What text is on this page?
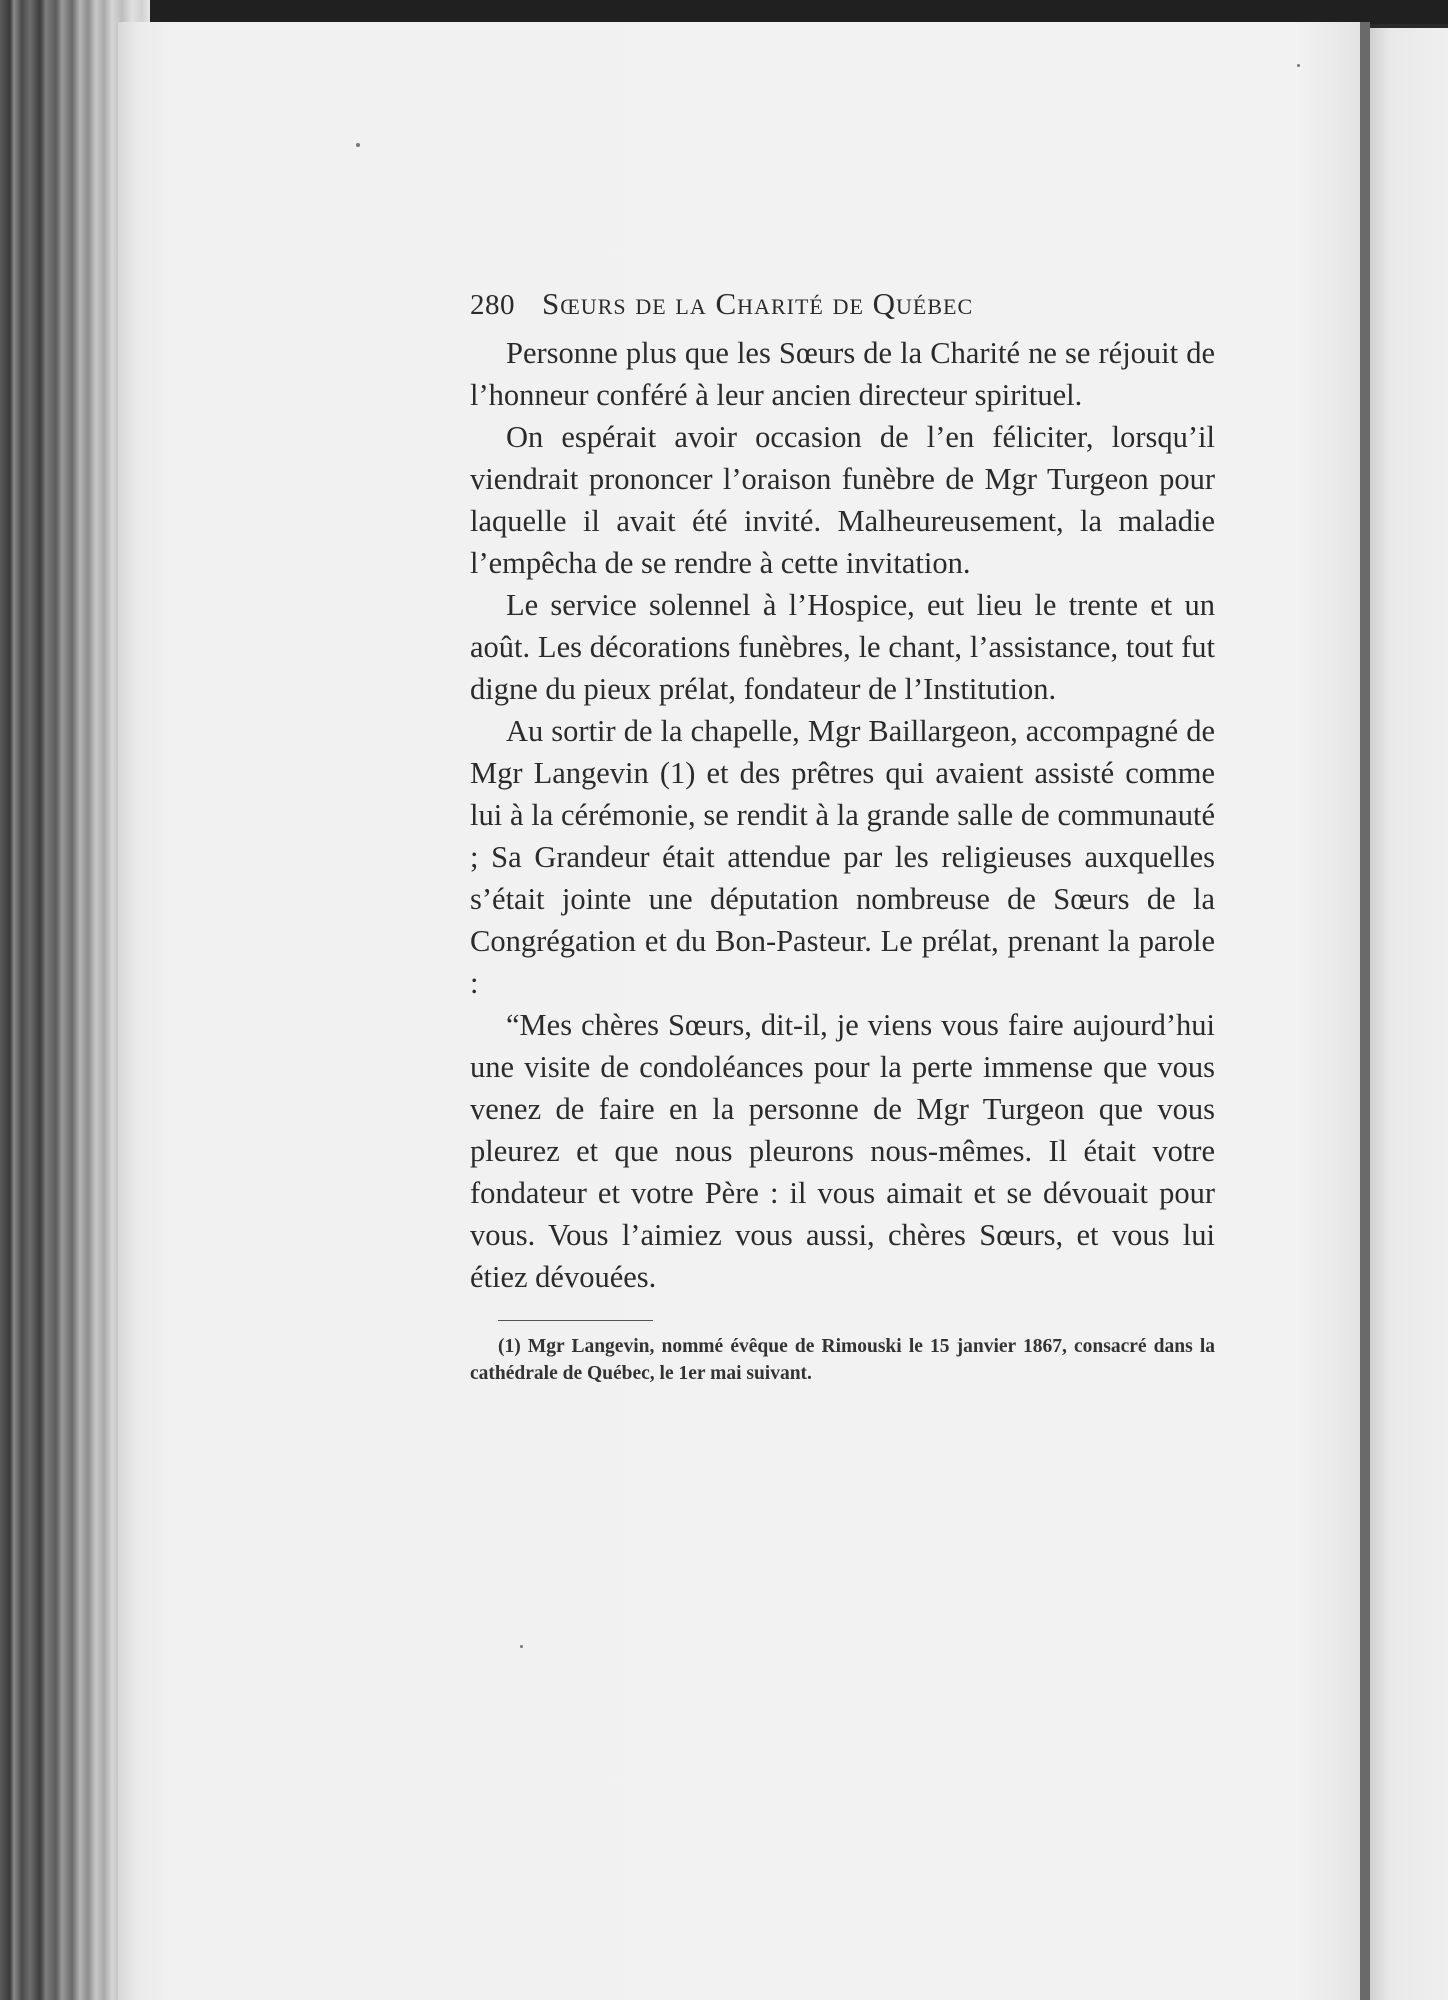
280 Sœurs de la Charité de Québec

Personne plus que les Sœurs de la Charité ne se réjouit de l’honneur conféré à leur ancien directeur spirituel.

On espérait avoir occasion de l’en féliciter, lorsqu’il viendrait prononcer l’oraison funèbre de Mgr Turgeon pour laquelle il avait été invité. Malheureusement, la maladie l’empêcha de se rendre à cette invitation.

Le service solennel à l’Hospice, eut lieu le trente et un août. Les décorations funèbres, le chant, l’assistance, tout fut digne du pieux prélat, fondateur de l’Institution.

Au sortir de la chapelle, Mgr Baillargeon, accompagné de Mgr Langevin (1) et des prêtres qui avaient assisté comme lui à la cérémonie, se rendit à la grande salle de communauté ; Sa Grandeur était attendue par les religieuses auxquelles s’était jointe une députation nombreuse de Sœurs de la Congrégation et du Bon-Pasteur. Le prélat, prenant la parole :

“Mes chères Sœurs, dit-il, je viens vous faire aujourd’hui une visite de condoléances pour la perte immense que vous venez de faire en la personne de Mgr Turgeon que vous pleurez et que nous pleurons nous-mêmes. Il était votre fondateur et votre Père : il vous aimait et se dévouait pour vous. Vous l’aimiez vous aussi, chères Sœurs, et vous lui étiez dévouées.

(1) Mgr Langevin, nommé évêque de Rimouski le 15 janvier 1867, consacré dans la cathédrale de Québec, le 1er mai suivant.
